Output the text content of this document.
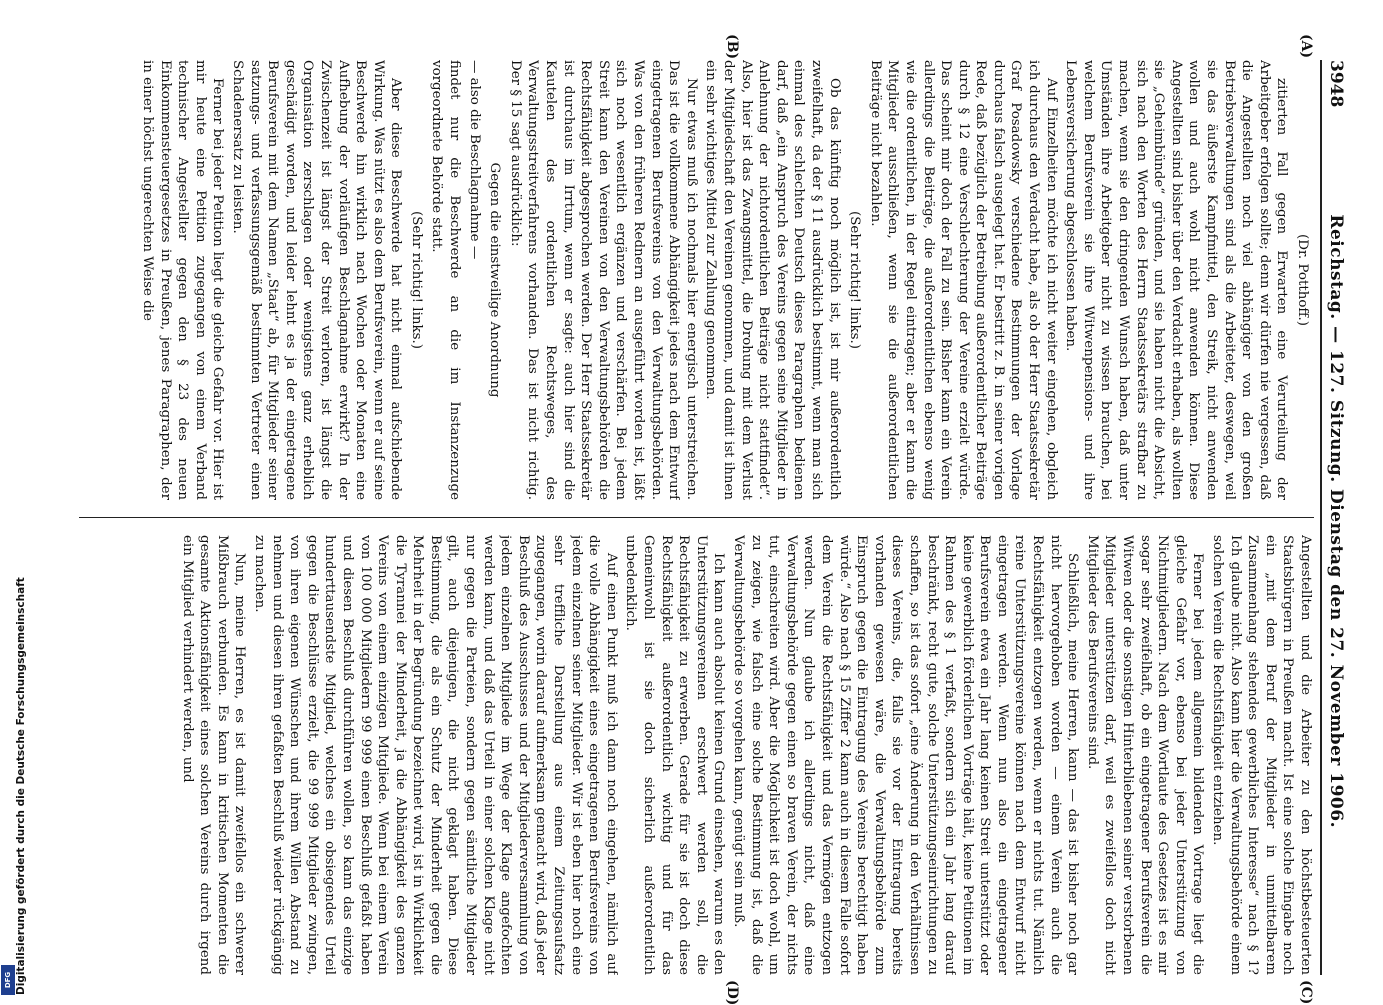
Digitalisierung gefördert durch die Deutsche Forschungsgemeinschaft
DFG
3948
Reichstag. — 127. Sitzung. Dienstag den 27. November 1906.
(A)
(B)
(C)
(D)

(Dr. Potthoff.)

zitierten Fall gegen Erwarten eine Verurteilung der Arbeitgeber erfolgen sollte; denn wir dürfen nie vergessen, daß die Angestellten noch viel abhängiger von den großen Betriebsverwaltungen sind als die Arbeiteter, deswegen, weil sie das äußerste Kampfmittel, den Streik, nicht anwenden wollen und auch wohl nicht anwenden können. Diese Angestellten sind bisher über den Verdacht erhaben, als wollten sie „Geheimbünde“ gründen, und sie haben nicht die Absicht, sich nach den Worten des Herrn Staatssekretärs strafbar zu machen, wenn sie den dringenden Wunsch haben, daß unter Umständen ihre Arbeitgeber nicht zu wissen brauchen, bei welchem Berufsverein sie ihre Witwenpensions- und ihre Lebensversicherung abgeschlossen haben.

Auf Einzelheiten möchte ich nicht weiter eingehen, obgleich ich durchaus den Verdacht habe, als ob der Herr Staatssekretär Graf Posadowsky verschiedene Bestimmungen der Vorlage durchaus falsch ausgelegt hat. Er bestritt z. B. in seiner vorigen Rede, daß bezüglich der Betreibung außerordentlicher Beiträge durch § 12 eine Verschlechterung der Vereine erzielt würde. Das scheint mir doch der Fall zu sein. Bisher kann ein Verein allerdings die Beiträge, die außerordentlichen ebenso wenig wie die ordentlichen, in der Regel eintragen; aber er kann die Mitglieder ausschließen, wenn sie die außerordentlichen Beiträge nicht bezahlen.

(Sehr richtig! links.)

Ob das künftig noch möglich ist, ist mir außerordentlich zweifelhaft, da der § 11 ausdrücklich bestimmt, wenn man sich einmal des schlechten Deutsch dieses Paragraphen bedienen darf, daß „ein Anspruch des Vereins gegen seine Mitglieder in Anlehnung der nichtordentlichen Beiträge nicht stattfindet“. Also, hier ist das Zwangsmittel, die Drohung mit dem Verlust der Mitgliedschaft den Vereinen genommen, und damit ist ihnen ein sehr wichtiges Mittel zur Zahlung genommen.

Nur etwas muß ich nochmals hier energisch unterstreichen. Das ist die vollkommene Abhängigkeit jedes nach dem Entwurf eingetragenen Berufsvereins von den Verwaltungsbehörden. Was von den früheren Rednern an ausgeführt worden ist, läßt sich noch wesentlich ergänzen und verschärfen. Bei jedem Streit kann den Vereinen von den Verwaltungsbehörden die Rechtsfähigkeit abgesprochen werden. Der Herr Staatssekretär ist durchaus im Irrtum, wenn er sagte: auch hier sind die Kautelen des ordentlichen Rechtsweges, des Verwaltungsstreitverfahrens vorhanden. Das ist nicht richtig. Der § 15 sagt ausdrücklich:

Gegen die einstweilige Anordnung

— also die Beschlagnahme —

findet nur die Beschwerde an die im Instanzenzuge vorgeordnete Behörde statt.

(Sehr richtig! links.)

Aber diese Beschwerde hat nicht einmal aufschiebende Wirkung. Was nützt es also dem Berufsverein, wenn er auf seine Beschwerde hin wirklich nach Wochen oder Monaten eine Aufhebung der vorläufigen Beschlagnahme erwirkt? In der Zwischenzeit ist längst der Streit verloren, ist längst die Organisation zerschlagen oder wenigstens ganz erheblich geschädigt worden, und leider lehnt es ja der eingetragene Berufsverein mit dem Namen „Staat“ ab, für Mitglieder seiner satzungs- und verfassungsgemäß bestimmten Vertreter einen Schadenersatz zu leisten.

Ferner bei jeder Petition liegt die gleiche Gefahr vor. Hier ist mir heute eine Petition zugegangen von einem Verband technischer Angestellter gegen den § 23 des neuen Einkommensteuergesetzes in Preußen, jenes Paragraphen, der in einer höchst ungerechten Weise die

Angestellten und die Arbeiter zu den höchstbesteuerten Staatsbürgern in Preußen macht. Ist eine solche Eingabe noch ein „mit dem Beruf der Mitglieder in unmittelbarem Zusammenhang stehendes gewerbliches Interesse“ nach § 1? Ich glaube nicht. Also kann hier die Verwaltungsbehörde einem solchen Verein die Rechtsfähigkeit entziehen.

Ferner bei jedem allgemein bildenden Vortrage liegt die gleiche Gefahr vor, ebenso bei jeder Unterstützung von Nichtmitgliedern. Nach dem Wortlaute des Gesetzes ist es mir sogar sehr zweifelhaft, ob ein eingetragener Berufsverein die Witwen oder die sonstigen Hinterbliebenen seiner verstorbenen Mitglieder unterstützen darf, weil es zweifellos doch nicht Mitglieder des Berufsvereins sind.

Schließlich, meine Herren, kann — das ist bisher noch gar nicht hervorgehoben worden — einem Verein auch die Rechtsfähigkeit entzogen werden, wenn er nichts tut. Nämlich reine Unterstützungsvereine können nach dem Entwurf nicht eingetragen werden. Wenn nun also ein eingetragener Berufsverein etwa ein Jahr lang keinen Streit unterstützt oder keine gewerblich förderlichen Vorträge hält, keine Petitionen im Rahmen des § 1 verfaßt, sondern sich ein Jahr lang darauf beschränkt, recht gute, solche Unterstützungseinrichtungen zu schaffen, so ist das sofort „eine Änderung in den Verhältnissen dieses Vereins, die, falls sie vor der Eintragung bereits vorhanden gewesen wäre, die Verwaltungsbehörde zum Einspruch gegen die Eintragung des Vereins berechtigt haben würde.“ Also nach § 15 Ziffer 2 kann auch in diesem Falle sofort dem Verein die Rechtsfähigkeit und das Vermögen entzogen werden. Nun glaube ich allerdings nicht, daß eine Verwaltungsbehörde gegen einen so braven Verein, der nichts tut, einschreiten wird. Aber die Möglichkeit ist doch wohl, um zu zeigen, wie falsch eine solche Bestimmung ist, daß die Verwaltungsbehörde so vorgehen kann, genügt sein muß.

Ich kann auch absolut keinen Grund einsehen, warum es den Unterstützungsvereinen erschwert werden soll, die Rechtsfähigkeit zu erwerben. Gerade für sie ist doch diese Rechtsfähigkeit außerordentlich wichtig und für das Gemeinwohl ist sie doch sicherlich außerordentlich unbedenklich.

Auf einen Punkt muß ich dann noch eingehen, nämlich auf die volle Abhängigkeit eines eingetragenen Berufsvereins von jedem einzelnen seiner Mitglieder. Wir ist eben hier noch eine sehr treffliche Darstellung aus einem Zeitungsaufsatz zugegangen, worin darauf aufmerksam gemacht wird, daß jeder Beschluß des Ausschusses und der Mitgliederversammlung von jedem einzelnen Mitgliede im Wege der Klage angefochten werden kann, und daß das Urteil in einer solchen Klage nicht nur gegen die Parteien, sondern gegen sämtliche Mitglieder gilt, auch diejenigen, die nicht geklagt haben. Diese Bestimmung, die als ein Schutz der Minderheit gegen die Mehrheit in der Begründung bezeichnet wird, ist in Wirklichkeit die Tyrannei der Minderheit, ja die Abhängigkeit des ganzen Vereins von einem einzigen Mitgliede. Wenn bei einem Verein von 100 000 Mitgliedern 99 999 einen Beschluß gefaßt haben und diesen Beschluß durchführen wollen, so kann das einzige hunderttausendste Mitglied, welches ein obsiegendes Urteil gegen die Beschlüsse erzielt, die 99 999 Mitglieder zwingen, von ihren eigenen Wünschen und ihrem Willen Abstand zu nehmen und diesen ihren gefaßten Beschluß wieder rückgängig zu machen.

Nun, meine Herren, es ist damit zweifellos ein schwerer Mißbrauch verbunden. Es kann in kritischen Momenten die gesamte Aktionsfähigkeit eines solchen Vereins durch irgend ein Mitglied verhindert werden, und
